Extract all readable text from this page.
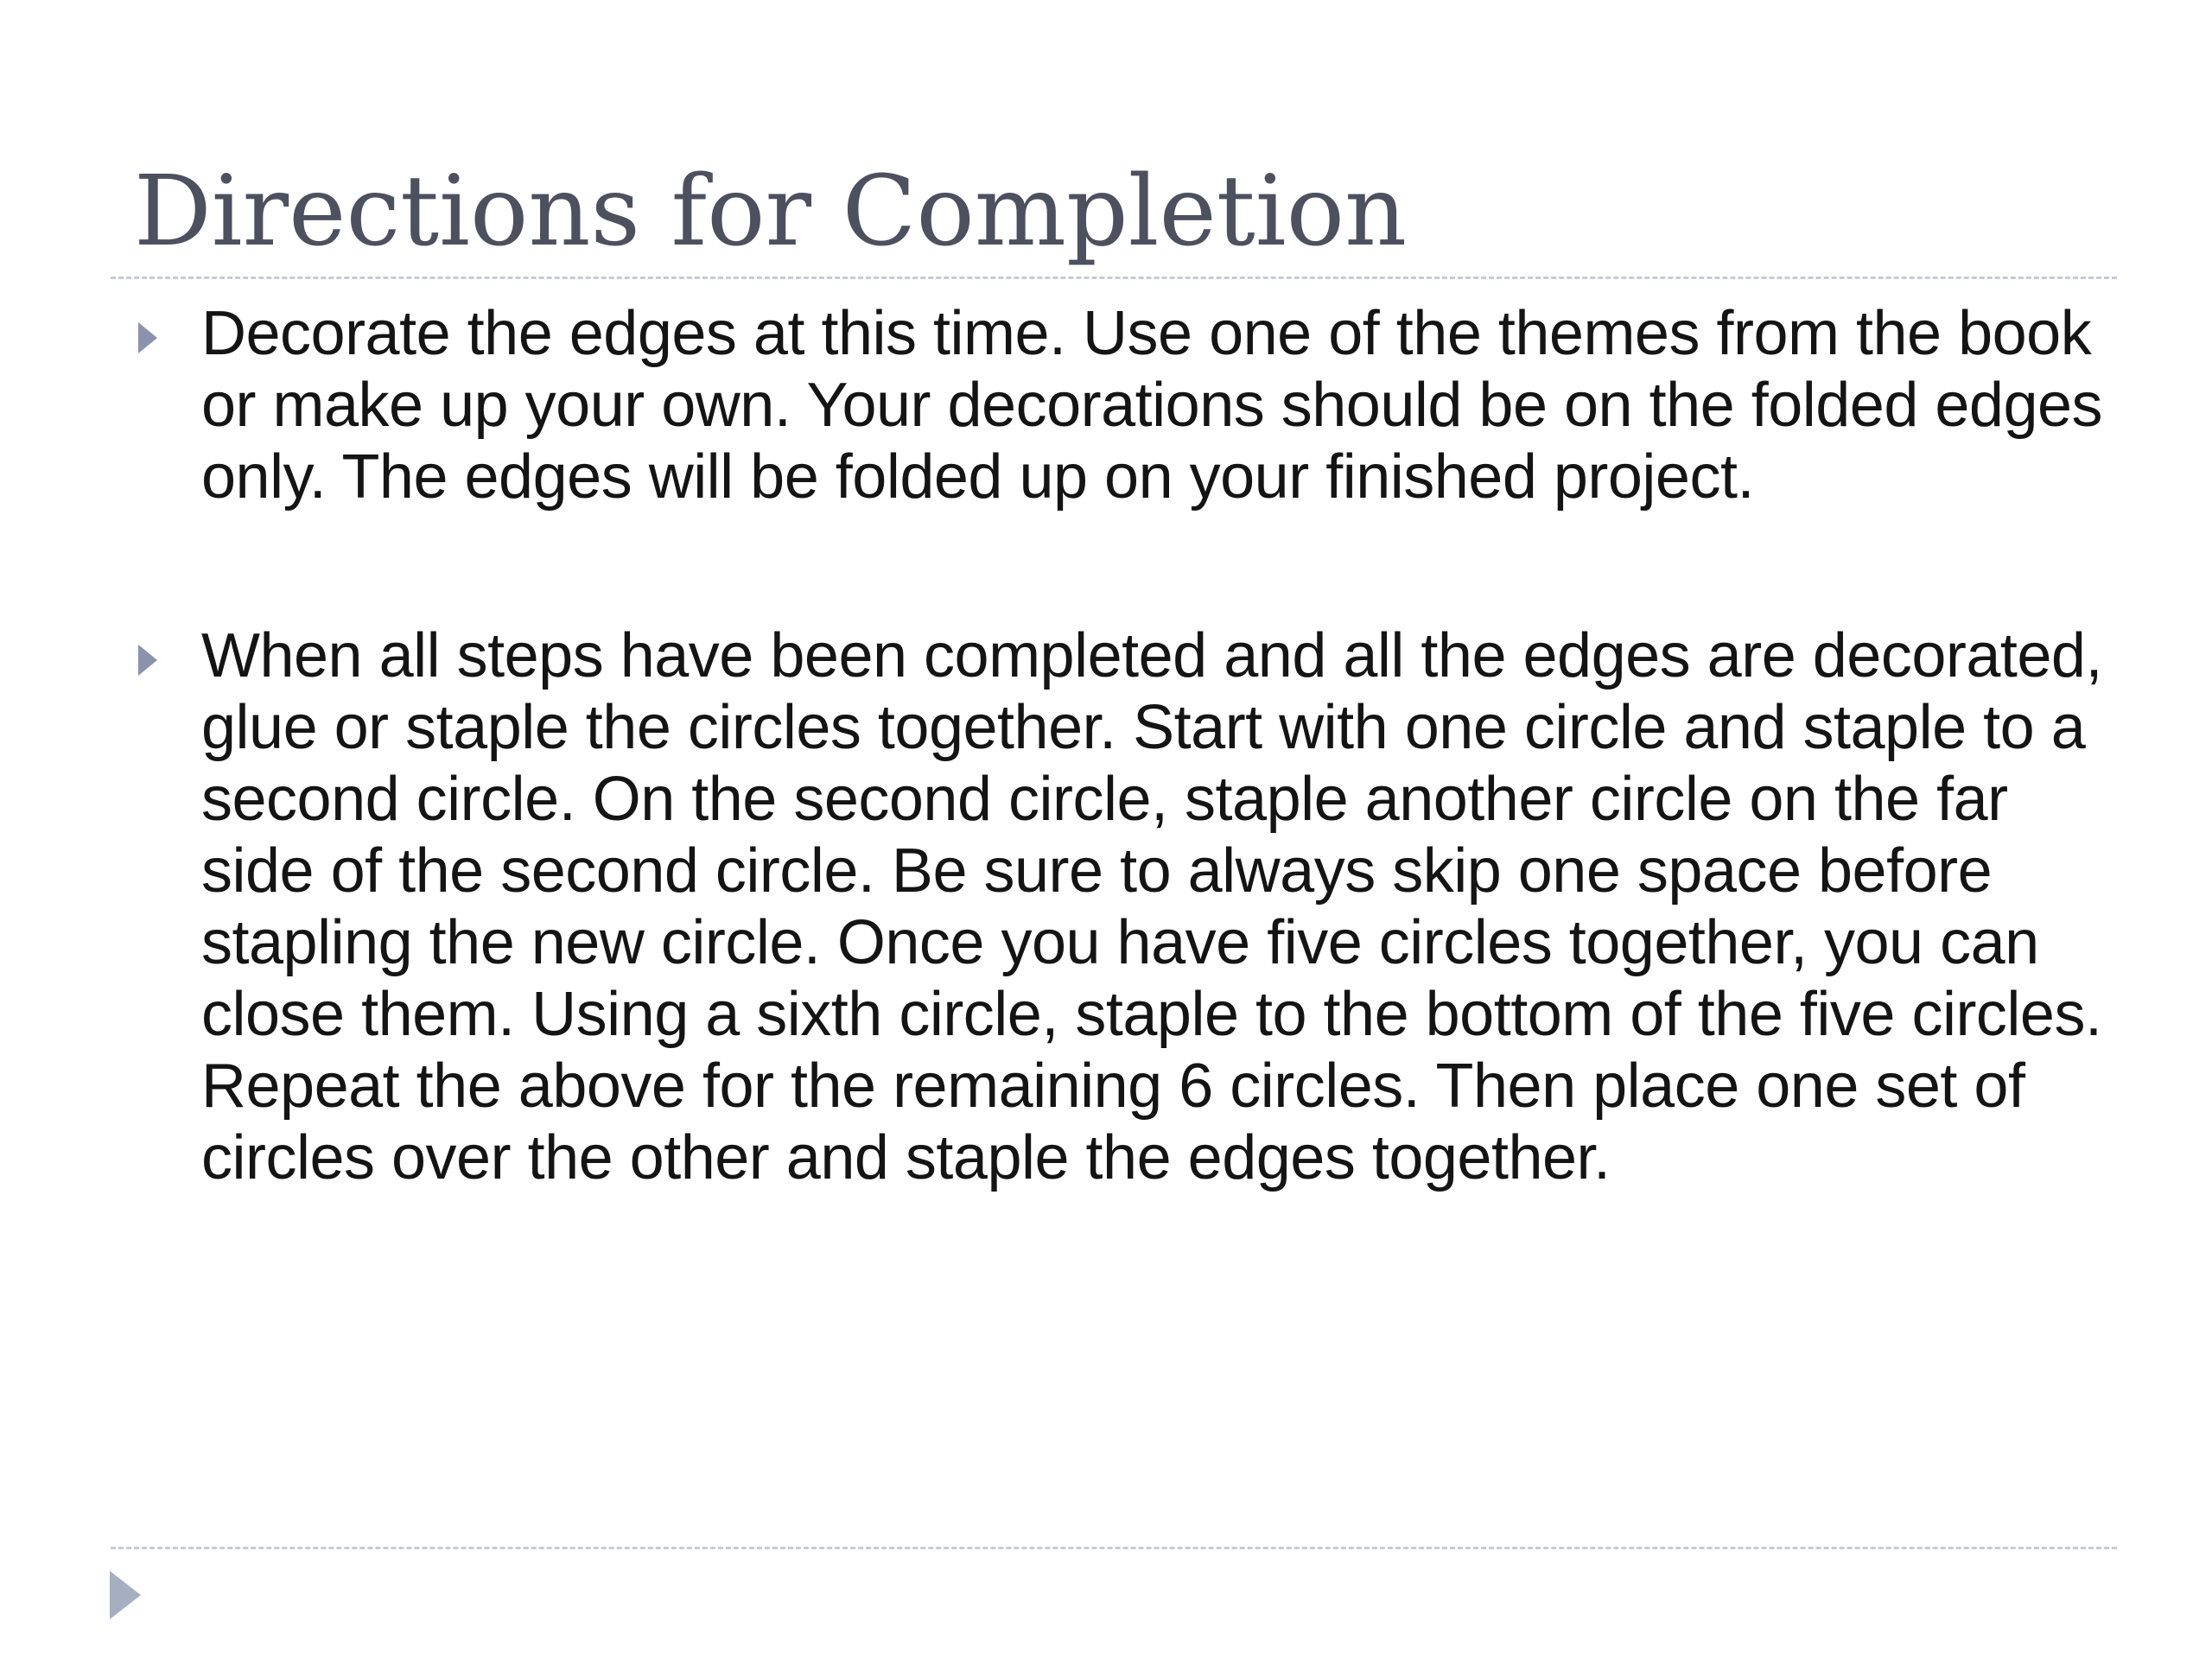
Directions for Completion

Decorate the edges at this time. Use one of the themes from the book or make up your own. Your decorations should be on the folded edges only. The edges will be folded up on your finished project.

When all steps have been completed and all the edges are decorated, glue or staple the circles together. Start with one circle and staple to a second circle. On the second circle, staple another circle on the far side of the second circle. Be sure to always skip one space before stapling the new circle. Once you have five circles together, you can close them. Using a sixth circle, staple to the bottom of the five circles. Repeat the above for the remaining 6 circles. Then place one set of circles over the other and staple the edges together.
